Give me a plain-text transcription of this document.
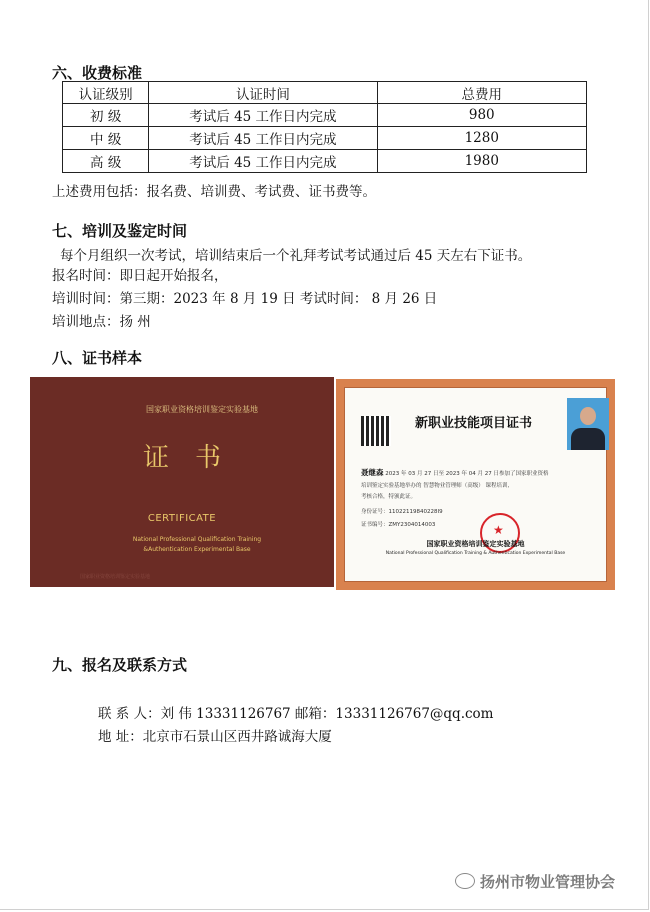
六、收费标准
认证级别	认证时间	总费用
初 级	考试后 45 工作日内完成	980
中 级	考试后 45 工作日内完成	1280
高 级	考试后 45 工作日内完成	1980
上述费用包括：报名费、培训费、考试费、证书费等。
七、培训及鉴定时间
每个月组织一次考试，培训结束后一个礼拜考试考试通过后 45 天左右下证书。
报名时间：即日起开始报名，
培训时间：第三期：2023 年 8 月 19 日 考试时间： 8 月 26 日
培训地点：扬 州
八、证书样本
国家职业资格培训鉴定实验基地
证书
CERTIFICATE
National Professional Qualification Training
&Authentication Experimental Base
国家职业资格培训鉴定实验基地
新职业技能项目证书
聂继森 2023 年 03 月 27 日至 2023 年 04 月 27 日参加了国家职业资格
培训鉴定实验基地举办的 智慧物业管理师（高级） 课程培训,
考核合格，特颁此证。
身份证号：11022119840228I9
证书编号：ZMY2304014003	★
国家职业资格培训鉴定实验基地
National Professional Qualification Training & Authentication Experimental Base
九、报名及联系方式
联 系 人：刘 伟 13331126767 邮箱：13331126767@qq.com
地 址：北京市石景山区西井路诚海大厦
扬州市物业管理协会
